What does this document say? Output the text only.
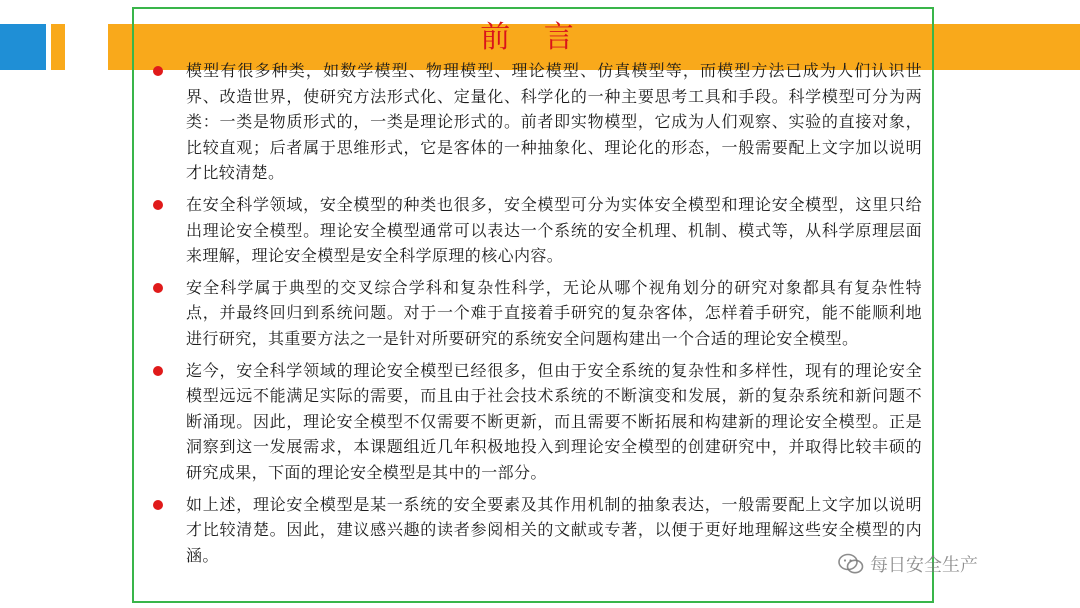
前 言

模型有很多种类，如数学模型、物理模型、理论模型、仿真模型等，而模型方法已成为人们认识世界、改造世界，使研究方法形式化、定量化、科学化的一种主要思考工具和手段。科学模型可分为两类：一类是物质形式的，一类是理论形式的。前者即实物模型，它成为人们观察、实验的直接对象，比较直观；后者属于思维形式，它是客体的一种抽象化、理论化的形态，一般需要配上文字加以说明才比较清楚。

在安全科学领域，安全模型的种类也很多，安全模型可分为实体安全模型和理论安全模型，这里只给出理论安全模型。理论安全模型通常可以表达一个系统的安全机理、机制、模式等，从科学原理层面来理解，理论安全模型是安全科学原理的核心内容。

安全科学属于典型的交叉综合学科和复杂性科学，无论从哪个视角划分的研究对象都具有复杂性特点，并最终回归到系统问题。对于一个难于直接着手研究的复杂客体，怎样着手研究，能不能顺利地进行研究，其重要方法之一是针对所要研究的系统安全问题构建出一个合适的理论安全模型。

迄今，安全科学领域的理论安全模型已经很多，但由于安全系统的复杂性和多样性，现有的理论安全模型远远不能满足实际的需要，而且由于社会技术系统的不断演变和发展，新的复杂系统和新问题不断涌现。因此，理论安全模型不仅需要不断更新，而且需要不断拓展和构建新的理论安全模型。正是洞察到这一发展需求，本课题组近几年积极地投入到理论安全模型的创建研究中，并取得比较丰硕的研究成果，下面的理论安全模型是其中的一部分。

如上述，理论安全模型是某一系统的安全要素及其作用机制的抽象表达，一般需要配上文字加以说明才比较清楚。因此，建议感兴趣的读者参阅相关的文献或专著，以便于更好地理解这些安全模型的内涵。	每日安全生产
